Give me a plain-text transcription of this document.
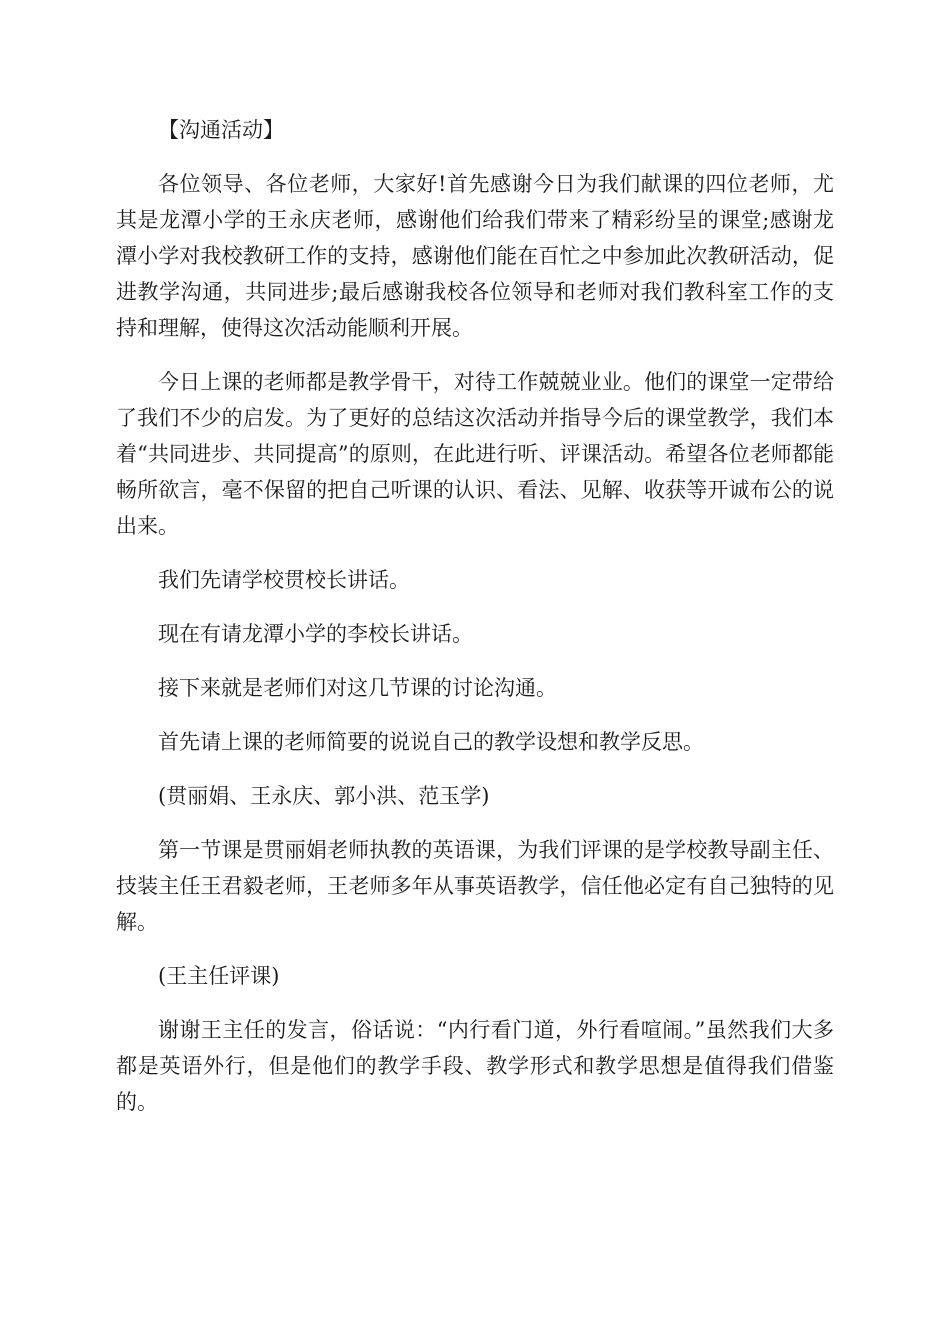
【沟通活动】

各位领导、各位老师，大家好!首先感谢今日为我们献课的四位老师，尤其是龙潭小学的王永庆老师，感谢他们给我们带来了精彩纷呈的课堂;感谢龙潭小学对我校教研工作的支持，感谢他们能在百忙之中参加此次教研活动，促进教学沟通，共同进步;最后感谢我校各位领导和老师对我们教科室工作的支持和理解，使得这次活动能顺利开展。

今日上课的老师都是教学骨干，对待工作兢兢业业。他们的课堂一定带给了我们不少的启发。为了更好的总结这次活动并指导今后的课堂教学，我们本着“共同进步、共同提高”的原则，在此进行听、评课活动。希望各位老师都能畅所欲言，毫不保留的把自己听课的认识、看法、见解、收获等开诚布公的说出来。

我们先请学校贯校长讲话。

现在有请龙潭小学的李校长讲话。

接下来就是老师们对这几节课的讨论沟通。

首先请上课的老师简要的说说自己的教学设想和教学反思。

(贯丽娟、王永庆、郭小洪、范玉学)

第一节课是贯丽娟老师执教的英语课，为我们评课的是学校教导副主任、技装主任王君毅老师，王老师多年从事英语教学，信任他必定有自己独特的见解。

(王主任评课)

谢谢王主任的发言，俗话说：“内行看门道，外行看喧闹。”虽然我们大多都是英语外行，但是他们的教学手段、教学形式和教学思想是值得我们借鉴的。
